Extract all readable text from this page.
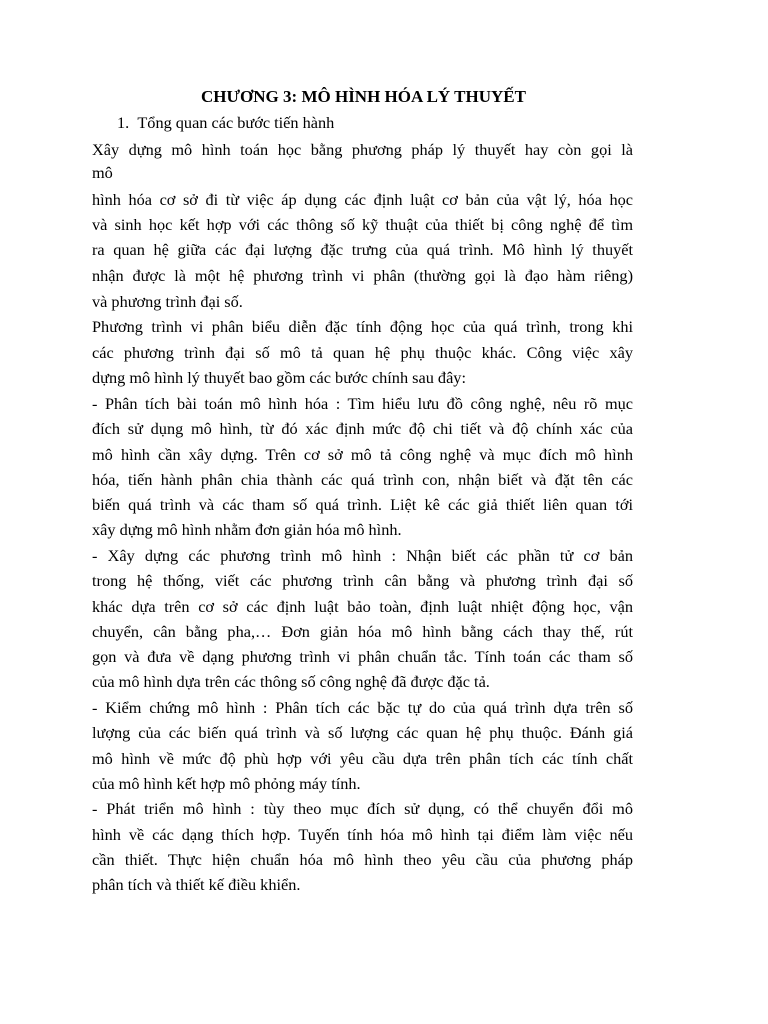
CHƯƠNG 3: MÔ HÌNH HÓA LÝ THUYẾT
1. Tổng quan các bước tiến hành

Xây dựng mô hình toán học bằng phương pháp lý thuyết hay còn gọi là

mô

hình hóa cơ sở đi từ việc áp dụng các định luật cơ bản của vật lý, hóa học

và sinh học kết hợp với các thông số kỹ thuật của thiết bị công nghệ để tìm

ra quan hệ giữa các đại lượng đặc trưng của quá trình. Mô hình lý thuyết

nhận được là một hệ phương trình vi phân (thường gọi là đạo hàm riêng)

và phương trình đại số.

Phương trình vi phân biểu diễn đặc tính động học của quá trình, trong khi

các phương trình đại số mô tả quan hệ phụ thuộc khác. Công việc xây

dựng mô hình lý thuyết bao gồm các bước chính sau đây:

- Phân tích bài toán mô hình hóa : Tìm hiểu lưu đồ công nghệ, nêu rõ mục

đích sử dụng mô hình, từ đó xác định mức độ chi tiết và độ chính xác của

mô hình cần xây dựng. Trên cơ sở mô tả công nghệ và mục đích mô hình

hóa, tiến hành phân chia thành các quá trình con, nhận biết và đặt tên các

biến quá trình và các tham số quá trình. Liệt kê các giả thiết liên quan tới

xây dựng mô hình nhằm đơn giản hóa mô hình.

- Xây dựng các phương trình mô hình : Nhận biết các phần tử cơ bản

trong hệ thống, viết các phương trình cân bằng và phương trình đại số

khác dựa trên cơ sở các định luật bảo toàn, định luật nhiệt động học, vận

chuyển, cân bằng pha,… Đơn giản hóa mô hình bằng cách thay thế, rút

gọn và đưa về dạng phương trình vi phân chuẩn tắc. Tính toán các tham số

của mô hình dựa trên các thông số công nghệ đã được đặc tả.

- Kiểm chứng mô hình : Phân tích các bặc tự do của quá trình dựa trên số

lượng của các biến quá trình và số lượng các quan hệ phụ thuộc. Đánh giá

mô hình về mức độ phù hợp với yêu cầu dựa trên phân tích các tính chất

của mô hình kết hợp mô phỏng máy tính.

- Phát triển mô hình : tùy theo mục đích sử dụng, có thể chuyển đổi mô

hình về các dạng thích hợp. Tuyến tính hóa mô hình tại điểm làm việc nếu

cần thiết. Thực hiện chuẩn hóa mô hình theo yêu cầu của phương pháp

phân tích và thiết kế điều khiển.
